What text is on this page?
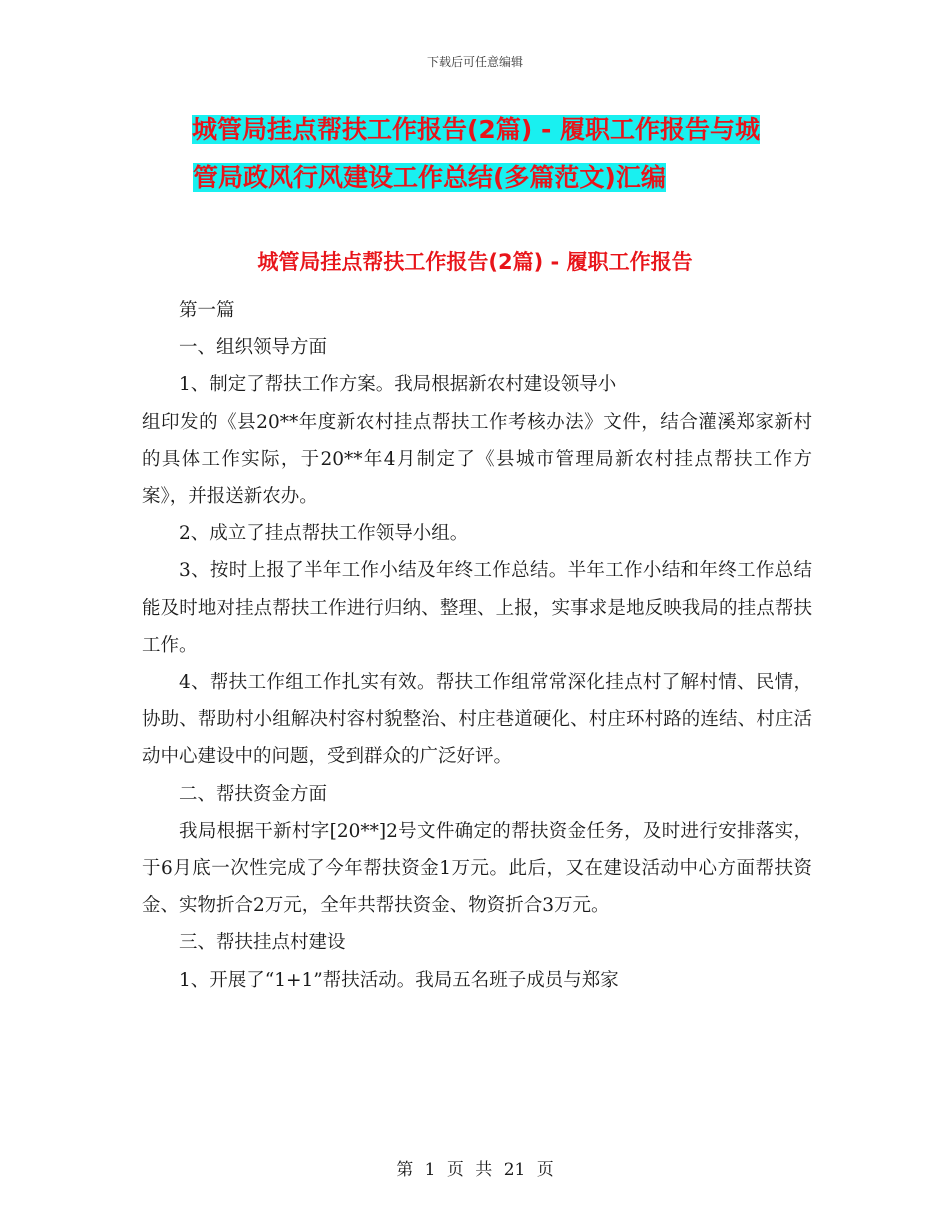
下载后可任意编辑
城管局挂点帮扶工作报告(2篇) - 履职工作报告与城
管局政风行风建设工作总结(多篇范文)汇编
城管局挂点帮扶工作报告(2篇) - 履职工作报告

第一篇

一、组织领导方面

1、制定了帮扶工作方案。我局根据新农村建设领导小

组印发的《县20**年度新农村挂点帮扶工作考核办法》文件，结合灌溪郑家新村的具体工作实际，于20**年4月制定了《县城市管理局新农村挂点帮扶工作方案》，并报送新农办。

2、成立了挂点帮扶工作领导小组。

3、按时上报了半年工作小结及年终工作总结。半年工作小结和年终工作总结能及时地对挂点帮扶工作进行归纳、整理、上报，实事求是地反映我局的挂点帮扶工作。

4、帮扶工作组工作扎实有效。帮扶工作组常常深化挂点村了解村情、民情，协助、帮助村小组解决村容村貌整治、村庄巷道硬化、村庄环村路的连结、村庄活动中心建设中的问题，受到群众的广泛好评。

二、帮扶资金方面

我局根据干新村字[20**]2号文件确定的帮扶资金任务，及时进行安排落实，于6月底一次性完成了今年帮扶资金1万元。此后，又在建设活动中心方面帮扶资金、实物折合2万元，全年共帮扶资金、物资折合3万元。

三、帮扶挂点村建设

1、开展了“1+1”帮扶活动。我局五名班子成员与郑家

第 1 页 共 21 页
